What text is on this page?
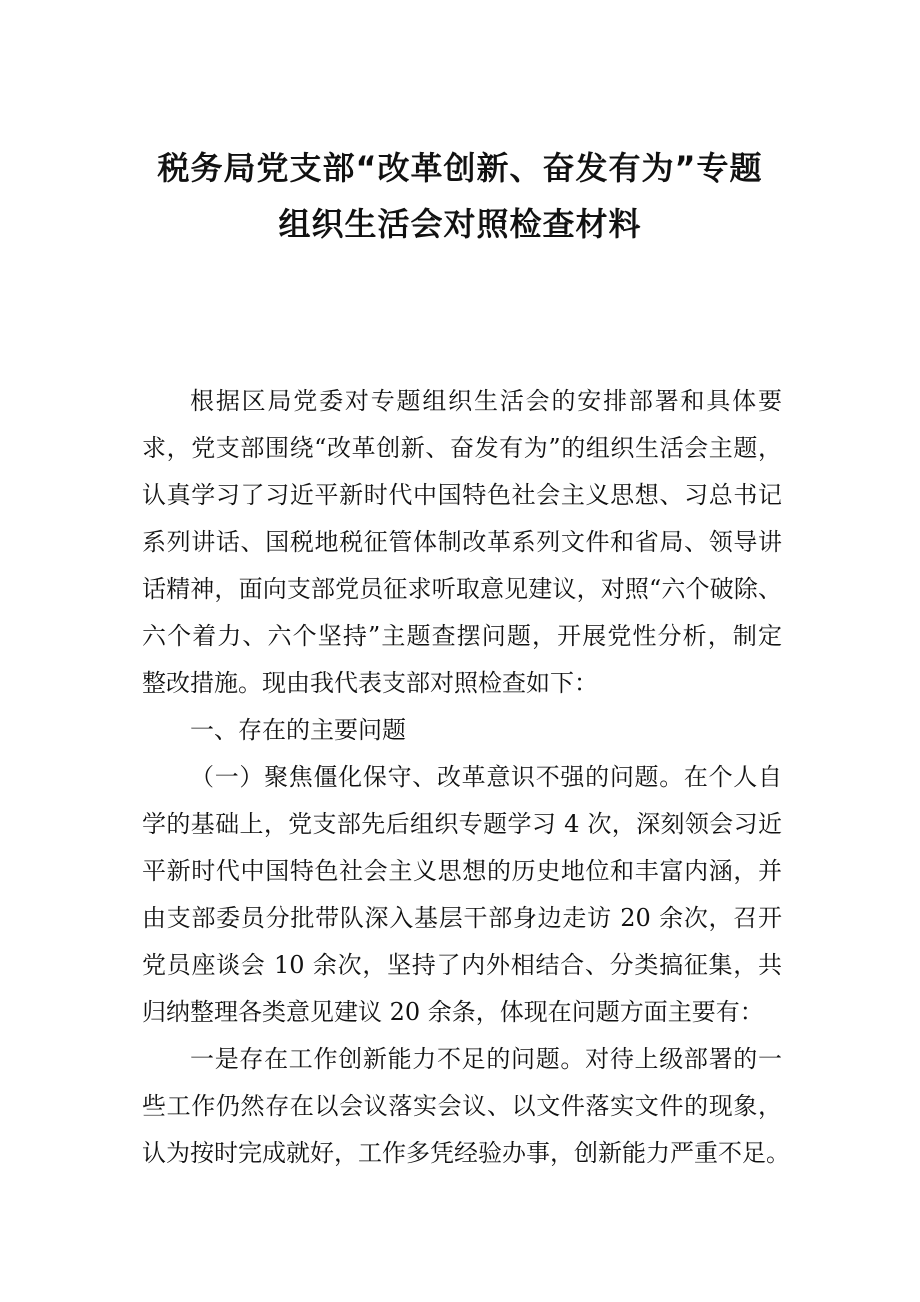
税务局党支部“改革创新、奋发有为”专题
组织生活会对照检查材料

根据区局党委对专题组织生活会的安排部署和具体要
求，党支部围绕“改革创新、奋发有为”的组织生活会主题，
认真学习了习近平新时代中国特色社会主义思想、习总书记
系列讲话、国税地税征管体制改革系列文件和省局、领导讲
话精神，面向支部党员征求听取意见建议，对照“六个破除、
六个着力、六个坚持”主题查摆问题，开展党性分析，制定
整改措施。现由我代表支部对照检查如下：

一、存在的主要问题

（一）聚焦僵化保守、改革意识不强的问题。在个人自
学的基础上，党支部先后组织专题学习 4 次，深刻领会习近
平新时代中国特色社会主义思想的历史地位和丰富内涵，并
由支部委员分批带队深入基层干部身边走访 20 余次，召开
党员座谈会 10 余次，坚持了内外相结合、分类搞征集，共
归纳整理各类意见建议 20 余条，体现在问题方面主要有：

一是存在工作创新能力不足的问题。对待上级部署的一
些工作仍然存在以会议落实会议、以文件落实文件的现象，
认为按时完成就好，工作多凭经验办事，创新能力严重不足。
